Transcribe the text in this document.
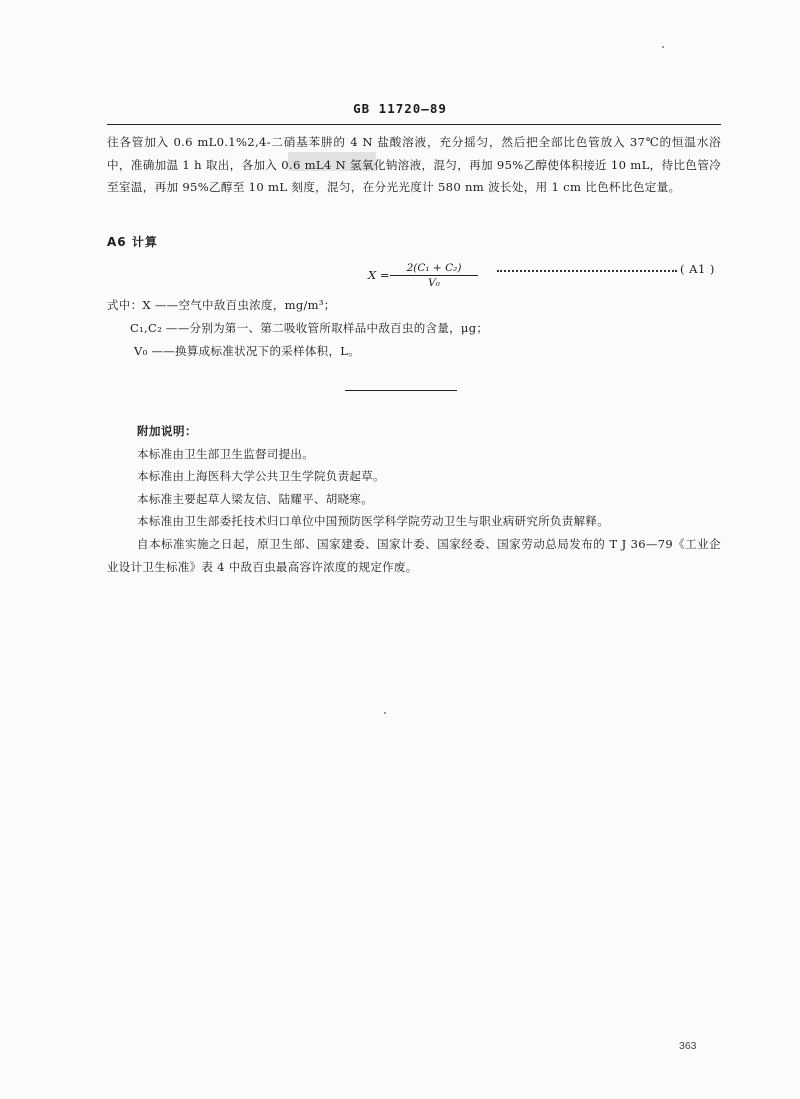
GB 11720—89

往各管加入 0.6 mL0.1%2,4-二硝基苯肼的 4 N 盐酸溶液，充分摇匀，然后把全部比色管放入 37℃的恒温水浴中，准确加温 1 h 取出，各加入 0.6 mL4 N 氢氧化钠溶液，混匀，再加 95%乙醇使体积接近 10 mL，待比色管冷至室温，再加 95%乙醇至 10 mL 刻度，混匀，在分光光度计 580 nm 波长处，用 1 cm 比色杯比色定量。

A6 计算
$X = \frac{\text{2(C₁ + C₂)}}{\text{V₀}}$	( A1 )
式中：X ——空气中敌百虫浓度，mg/m³；
C₁,C₂ ——分别为第一、第二吸收管所取样品中敌百虫的含量，μg；
V₀ ——换算成标准状况下的采样体积，L。
附加说明：
本标准由卫生部卫生监督司提出。
本标准由上海医科大学公共卫生学院负责起草。
本标准主要起草人梁友信、陆耀平、胡晓寒。
本标准由卫生部委托技术归口单位中国预防医学科学院劳动卫生与职业病研究所负责解释。

自本标准实施之日起，原卫生部、国家建委、国家计委、国家经委、国家劳动总局发布的 T J 36—79《工业企业设计卫生标准》表 4 中敌百虫最高容许浓度的规定作废。

363
